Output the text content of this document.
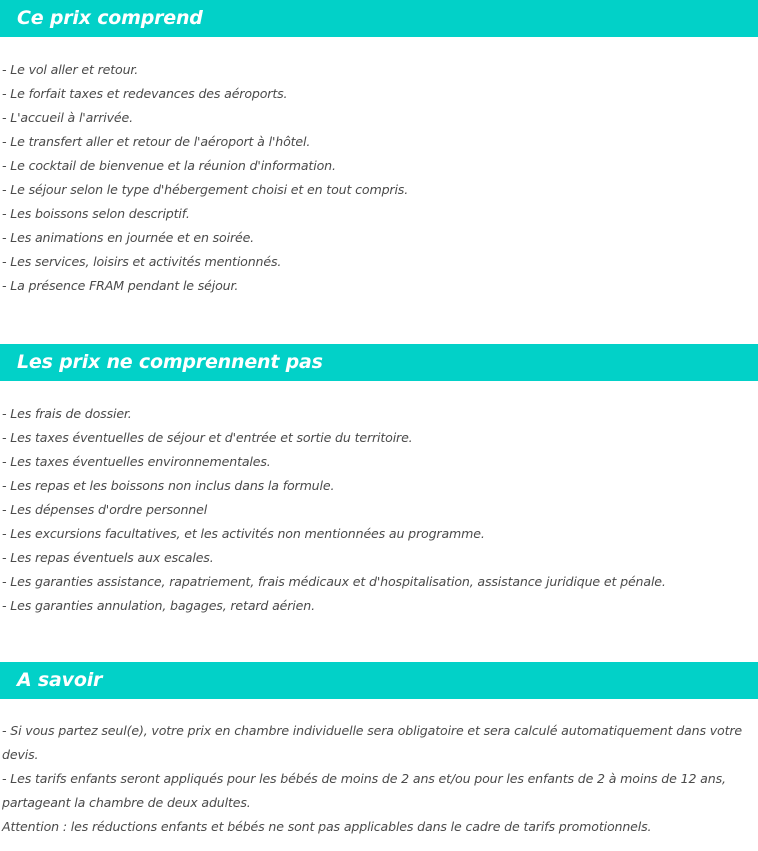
Ce prix comprend
- Le vol aller et retour.
- Le forfait taxes et redevances des aéroports.
- L'accueil à l'arrivée.
- Le transfert aller et retour de l'aéroport à l'hôtel.
- Le cocktail de bienvenue et la réunion d'information.
- Le séjour selon le type d'hébergement choisi et en tout compris.
- Les boissons selon descriptif.
- Les animations en journée et en soirée.
- Les services, loisirs et activités mentionnés.
- La présence FRAM pendant le séjour.
Les prix ne comprennent pas
- Les frais de dossier.
- Les taxes éventuelles de séjour et d'entrée et sortie du territoire.
- Les taxes éventuelles environnementales.
- Les repas et les boissons non inclus dans la formule.
- Les dépenses d'ordre personnel
- Les excursions facultatives, et les activités non mentionnées au programme.
- Les repas éventuels aux escales.
- Les garanties assistance, rapatriement, frais médicaux et d'hospitalisation, assistance juridique et pénale.
- Les garanties annulation, bagages, retard aérien.
A savoir
- Si vous partez seul(e), votre prix en chambre individuelle sera obligatoire et sera calculé automatiquement dans votre devis.
- Les tarifs enfants seront appliqués pour les bébés de moins de 2 ans et/ou pour les enfants de 2 à moins de 12 ans, partageant la chambre de deux adultes.
Attention : les réductions enfants et bébés ne sont pas applicables dans le cadre de tarifs promotionnels.
